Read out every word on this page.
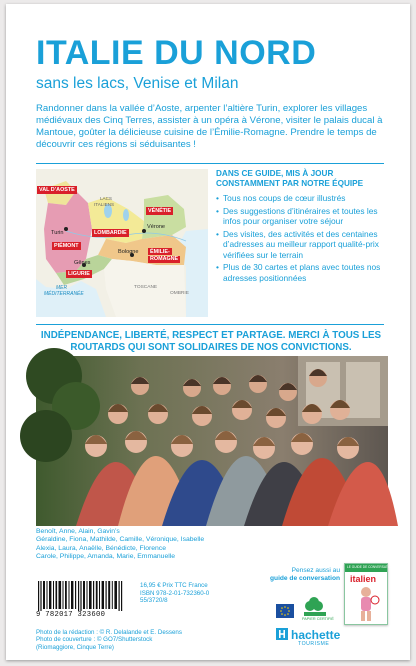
ITALIE DU NORD
sans les lacs, Venise et Milan
Randonner dans la vallée d’Aoste, arpenter l’altière Turin, explorer les villages médiévaux des Cinq Terres, assister à un opéra à Vérone, visiter le palais ducal à Mantoue, goûter la délicieuse cuisine de l’Émilie-Romagne. Prendre le temps de découvrir ces régions si séduisantes !
VAL D’AOSTE
LACS
ITALIENS
VÉNÉTIE
Turin	LOMBARDIE
Vérone
PIÉMONT
Bologne	ÉMILIE-
ROMAGNE
Gênes
LIGURIE
MER
MÉDITERRANÉE
TOSCANE
OMBRIE
DANS CE GUIDE, MIS À JOUR CONSTAMMENT PAR NOTRE ÉQUIPE
• Tous nos coups de cœur illustrés
• Des suggestions d’itinéraires et toutes les infos pour organiser votre séjour
• Des visites, des activités et des centaines d’adresses au meilleur rapport qualité-prix vérifiées sur le terrain
• Plus de 30 cartes et plans avec toutes nos adresses positionnées
INDÉPENDANCE, LIBERTÉ, RESPECT ET PARTAGE. MERCI À TOUS LES ROUTARDS QUI SONT SOLIDAIRES DE NOS CONVICTIONS.
Benoît, Anne, Alain, Gavin’s
Géraldine, Fiona, Mathilde, Camille, Véronique, Isabelle
Alexia, Laura, Anaëlle, Bénédicte, Florence
Carole, Philippe, Amanda, Marie, Emmanuelle
9 782017 323600
16,95 € Prix TTC France
ISBN 978-2-01-732360-0
55/3720/8
Photo de la rédaction : © R. Delalande et E. Dessens
Photo de couverture : © GO7/Shutterstock
(Riomaggiore, Cinque Terre)
Pensez aussi au
guide de conversation
LE GUIDE DE CONVERSATION
italien
PAPIER CERTIFIÉ
hachette
TOURISME
